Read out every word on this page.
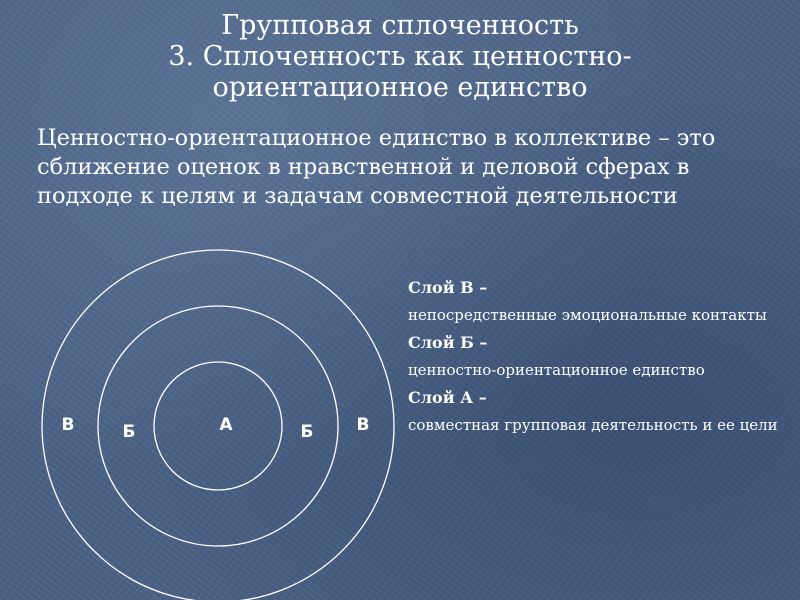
Групповая сплоченность
3. Сплоченность как ценностно-
ориентационное единство
Ценностно-ориентационное единство в коллективе – это сближение оценок в нравственной и деловой сферах в подходе к целям и задачам совместной деятельности
В	Б	А	Б	В
Слой В –
непосредственные эмоциональные контакты
Слой Б –
ценностно-ориентационное единство
Слой А –
совместная групповая деятельность и ее цели
